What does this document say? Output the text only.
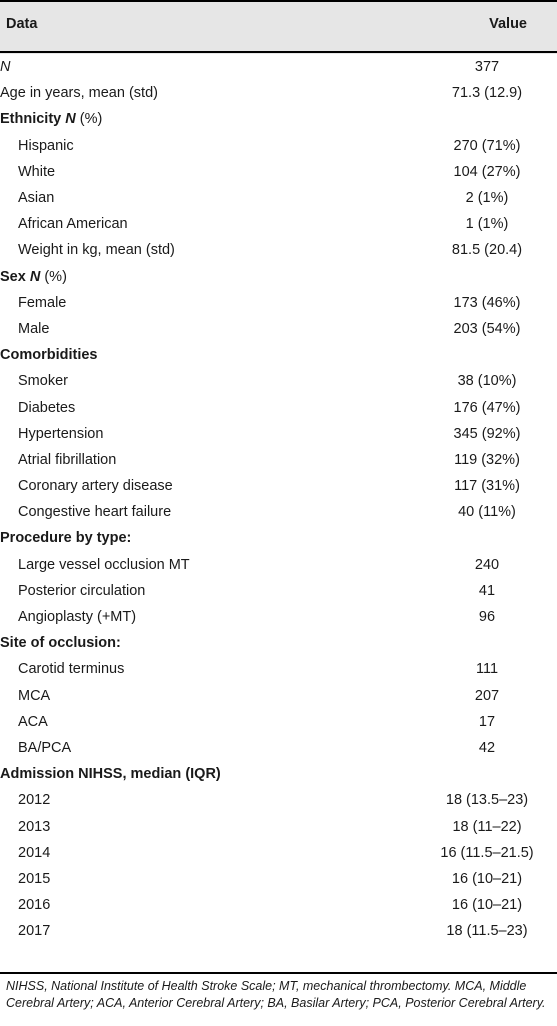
Data	Value
N	377
Age in years, mean (std)	71.3 (12.9)
Ethnicity N (%)	
Hispanic	270 (71%)
White	104 (27%)
Asian	2 (1%)
African American	1 (1%)
Weight in kg, mean (std)	81.5 (20.4)
Sex N (%)	
Female	173 (46%)
Male	203 (54%)
Comorbidities	
Smoker	38 (10%)
Diabetes	176 (47%)
Hypertension	345 (92%)
Atrial fibrillation	119 (32%)
Coronary artery disease	117 (31%)
Congestive heart failure	40 (11%)
Procedure by type:	
Large vessel occlusion MT	240
Posterior circulation	41
Angioplasty (+MT)	96
Site of occlusion:	
Carotid terminus	111
MCA	207
ACA	17
BA/PCA	42
Admission NIHSS, median (IQR)	
2012	18 (13.5–23)
2013	18 (11–22)
2014	16 (11.5–21.5)
2015	16 (10–21)
2016	16 (10–21)
2017	18 (11.5–23)
NIHSS, National Institute of Health Stroke Scale; MT, mechanical thrombectomy. MCA, Middle Cerebral Artery; ACA, Anterior Cerebral Artery; BA, Basilar Artery; PCA, Posterior Cerebral Artery.
